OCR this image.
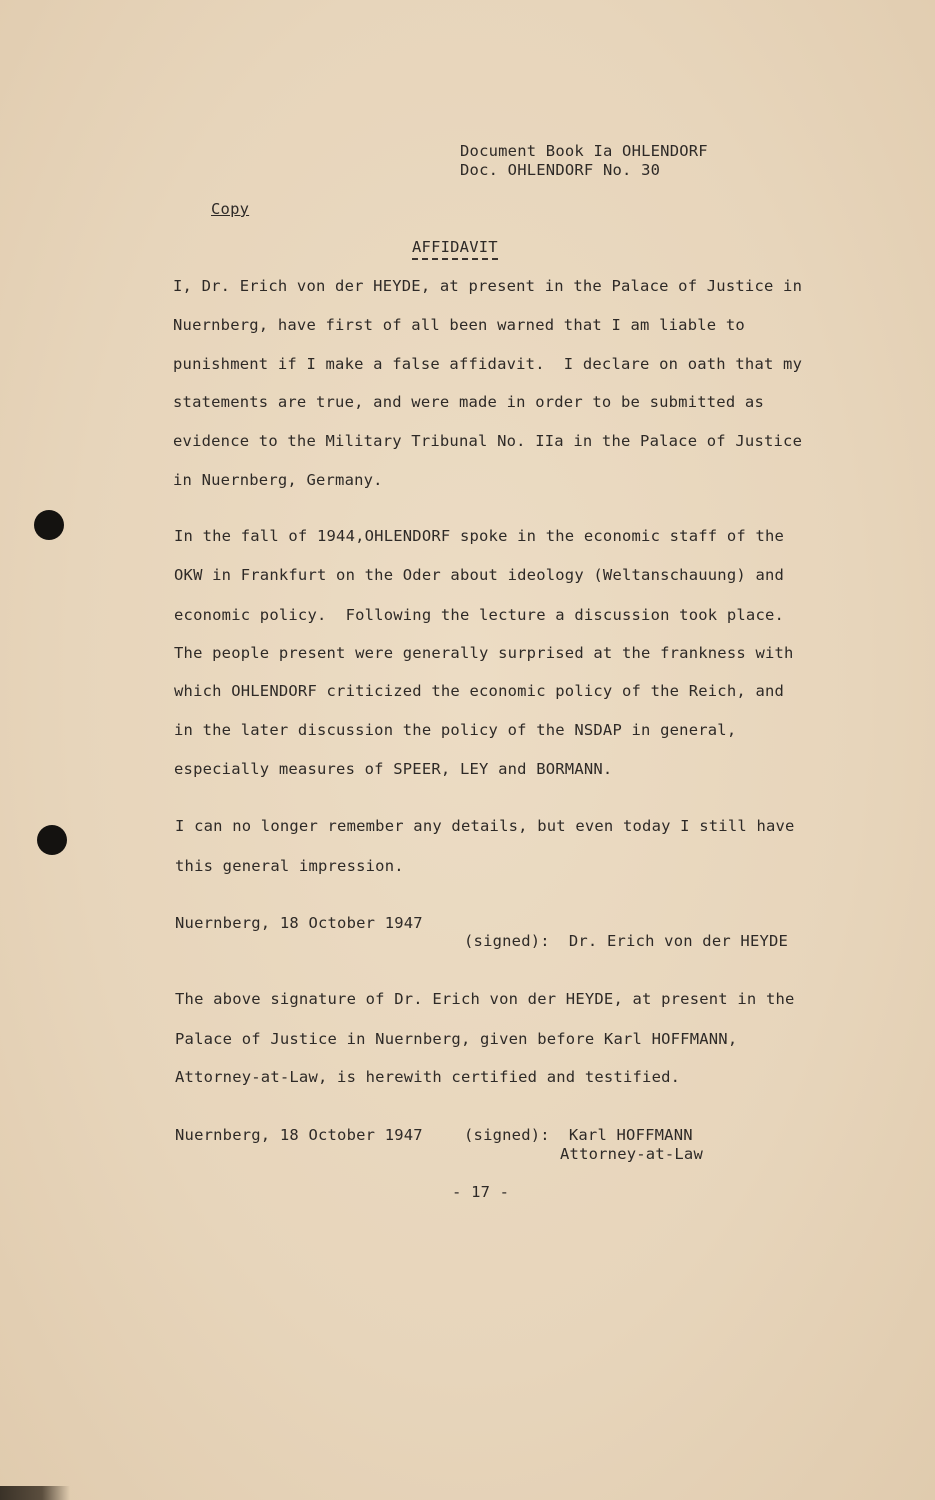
Document Book Ia OHLENDORF
Doc. OHLENDORF No. 30
Copy
AFFIDAVIT
I, Dr. Erich von der HEYDE, at present in the Palace of Justice in
Nuernberg, have first of all been warned that I am liable to
punishment if I make a false affidavit.  I declare on oath that my
statements are true, and were made in order to be submitted as
evidence to the Military Tribunal No. IIa in the Palace of Justice
in Nuernberg, Germany.
In the fall of 1944,OHLENDORF spoke in the economic staff of the
OKW in Frankfurt on the Oder about ideology (Weltanschauung) and
economic policy.  Following the lecture a discussion took place.
The people present were generally surprised at the frankness with
which OHLENDORF criticized the economic policy of the Reich, and
in the later discussion the policy of the NSDAP in general,
especially measures of SPEER, LEY and BORMANN.
I can no longer remember any details, but even today I still have
this general impression.
Nuernberg, 18 October 1947
(signed):  Dr. Erich von der HEYDE
The above signature of Dr. Erich von der HEYDE, at present in the
Palace of Justice in Nuernberg, given before Karl HOFFMANN,
Attorney-at-Law, is herewith certified and testified.
Nuernberg, 18 October 1947	(signed):  Karl HOFFMANN
Attorney-at-Law
- 17 -
